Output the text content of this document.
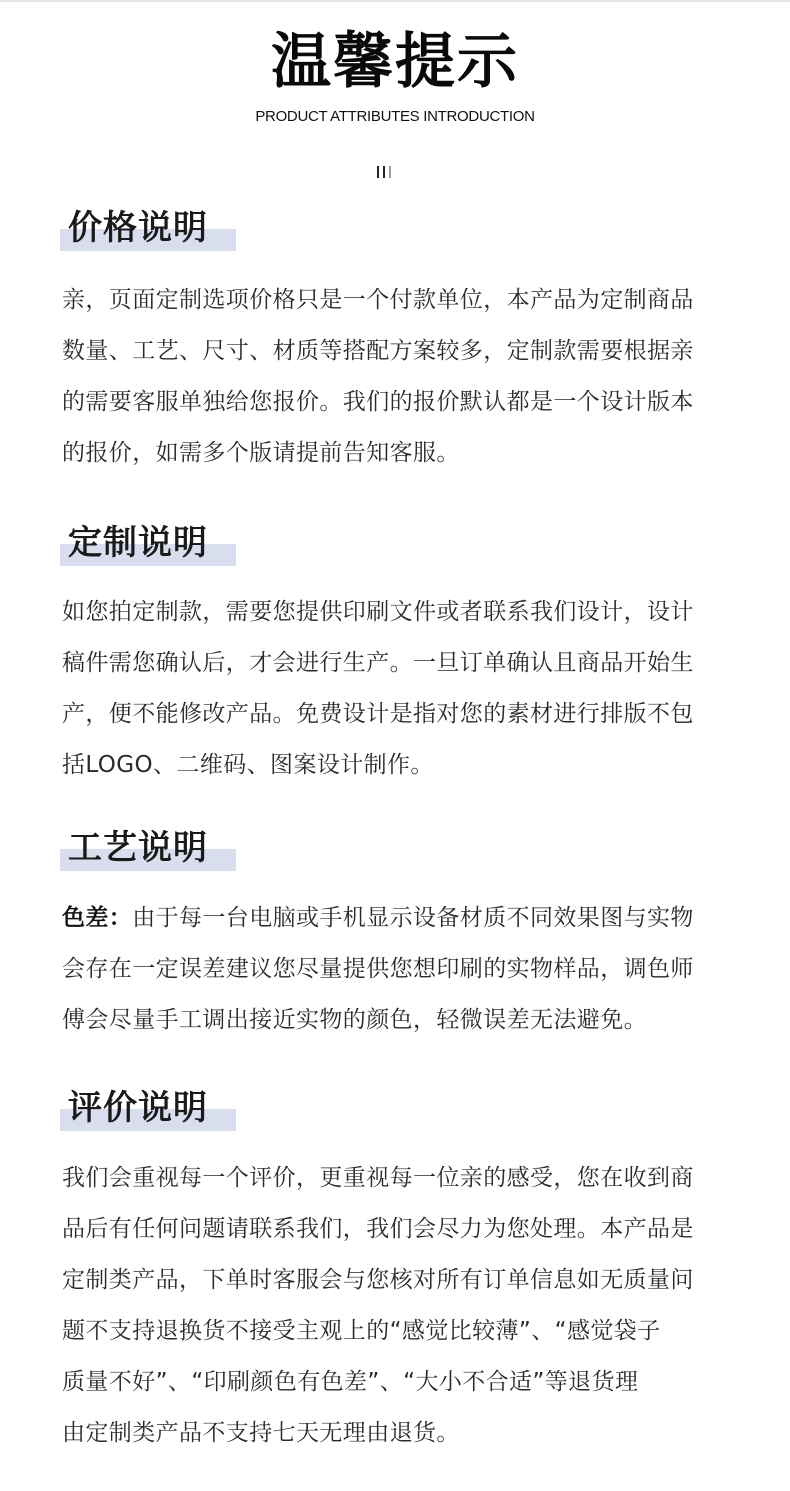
温馨提示
PRODUCT ATTRIBUTES INTRODUCTION
价格说明
亲，页面定制选项价格只是一个付款单位，本产品为定制商品
数量、工艺、尺寸、材质等搭配方案较多，定制款需要根据亲
的需要客服单独给您报价。我们的报价默认都是一个设计版本
的报价，如需多个版请提前告知客服。
定制说明
如您拍定制款，需要您提供印刷文件或者联系我们设计，设计
稿件需您确认后，才会进行生产。一旦订单确认且商品开始生
产，便不能修改产品。免费设计是指对您的素材进行排版不包
括LOGO、二维码、图案设计制作。
工艺说明
色差：由于每一台电脑或手机显示设备材质不同效果图与实物
会存在一定误差建议您尽量提供您想印刷的实物样品，调色师
傅会尽量手工调出接近实物的颜色，轻微误差无法避免。
评价说明
我们会重视每一个评价，更重视每一位亲的感受，您在收到商
品后有任何问题请联系我们，我们会尽力为您处理。本产品是
定制类产品，下单时客服会与您核对所有订单信息如无质量问
题不支持退换货不接受主观上的“感觉比较薄”、“感觉袋子
质量不好”、“印刷颜色有色差”、“大小不合适”等退货理
由定制类产品不支持七天无理由退货。
